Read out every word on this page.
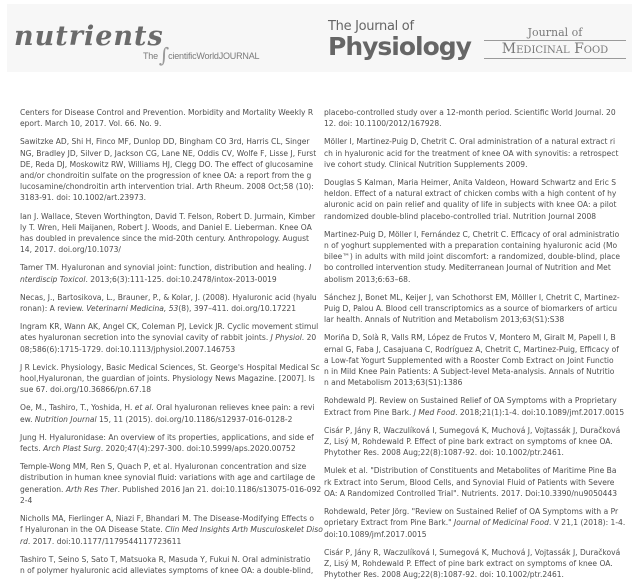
nutrients
The∫cientificWorldJOURNAL
The Journal of
Physiology	Journal of
Medicinal Food
Centers for Disease Control and Prevention. Morbidity and Mortality Weekly R
eport. March 10, 2017. Vol. 66. No. 9.
Sawitzke AD, Shi H, Finco MF, Dunlop DD, Bingham CO 3rd, Harris CL, Singer
NG, Bradley JD, Silver D, Jackson CG, Lane NE, Oddis CV, Wolfe F, Lisse J, Furst
DE, Reda DJ, Moskowitz RW, Williams HJ, Clegg DO. The effect of glucosamine
and/or chondroitin sulfate on the progression of knee OA: a report from the g
lucosamine/chondroitin arth intervention trial. Arth Rheum. 2008 Oct;58 (10):
3183-91. doi: 10.1002/art.23973.
Ian J. Wallace, Steven Worthington, David T. Felson, Robert D. Jurmain, Kimber
ly T. Wren, Heli Maijanen, Robert J. Woods, and Daniel E. Lieberman. Knee OA
has doubled in prevalence since the mid-20th century. Anthropology. August
14, 2017. doi.org/10.1073/
Tamer TM. Hyaluronan and synovial joint: function, distribution and healing. I
nterdiscip Toxicol. 2013;6(3):111-125. doi:10.2478/intox-2013-0019
Necas, J., Bartosikova, L., Brauner, P., & Kolar, J. (2008). Hyaluronic acid (hyalu
ronan): A review. Veterinarni Medicina, 53(8), 397–411. doi.org/10.17221
Ingram KR, Wann AK, Angel CK, Coleman PJ, Levick JR. Cyclic movement stimul
ates hyaluronan secretion into the synovial cavity of rabbit joints. J Physiol. 20
08;586(6):1715-1729. doi:10.1113/jphysiol.2007.146753
J R Levick. Physiology, Basic Medical Sciences, St. George's Hospital Medical Sc
hool,Hyaluronan, the guardian of joints. Physiology News Magazine. [2007]. Is
sue 67. doi.org/10.36866/pn.67.18
Oe, M., Tashiro, T., Yoshida, H. et al. Oral hyaluronan relieves knee pain: a revi
ew. Nutrition Journal 15, 11 (2015). doi.org/10.1186/s12937-016-0128-2
Jung H. Hyaluronidase: An overview of its properties, applications, and side ef
fects. Arch Plast Surg. 2020;47(4):297-300. doi:10.5999/aps.2020.00752
Temple-Wong MM, Ren S, Quach P, et al. Hyaluronan concentration and size
distribution in human knee synovial fluid: variations with age and cartilage de
generation. Arth Res Ther. Published 2016 Jan 21. doi:10.1186/s13075-016-092
2-4
Nicholls MA, Fierlinger A, Niazi F, Bhandari M. The Disease-Modifying Effects o
f Hyaluronan in the OA Disease State. Clin Med Insights Arth Musculoskelet Diso
rd. 2017. doi:10.1177/1179544117723611
Tashiro T, Seino S, Sato T, Matsuoka R, Masuda Y, Fukui N. Oral administratio
n of polymer hyaluronic acid alleviates symptoms of knee OA: a double-blind,
placebo-controlled study over a 12-month period. Scientific World Journal. 20
12. doi: 10.1100/2012/167928.
Möller I, Martinez-Puig D, Chetrit C. Oral administration of a natural extract ri
ch in hyaluronic acid for the treatment of knee OA with synovitis: a retrospect
ive cohort study. Clinical Nutrition Supplements 2009.
Douglas S Kalman, Maria Heimer, Anita Valdeon, Howard Schwartz and Eric S
heldon. Effect of a natural extract of chicken combs with a high content of hy
aluronic acid on pain relief and quality of life in subjects with knee OA: a pilot
randomized double-blind placebo-controlled trial. Nutrition Journal 2008
Martinez-Puig D, Möller I, Fernández C, Chetrit C. Efficacy of oral administratio
n of yoghurt supplemented with a preparation containing hyaluronic acid (Mo
bilee™) in adults with mild joint discomfort: a randomized, double-blind, place
bo controlled intervention study. Mediterranean Journal of Nutrition and Met
abolism 2013;6:63–68.
Sánchez J, Bonet ML, Keijer J, van Schothorst EM, Mölller I, Chetrit C, Martinez-
Puig D, Palou A. Blood cell transcriptomics as a source of biomarkers of articu
lar health. Annals of Nutrition and Metabolism 2013;63(S1):S38
Moriña D, Solà R, Valls RM, López de Frutos V, Montero M, Giralt M, Papell I, B
ernal G, Faba J, Casajuana C, Rodríguez A, Chetrit C, Martinez-Puig, Efficacy of
a Low-fat Yogurt Supplemented with a Rooster Comb Extract on Joint Functio
n in Mild Knee Pain Patients: A Subject-level Meta-analysis. Annals of Nutritio
n and Metabolism 2013;63(S1):1386
Rohdewald PJ. Review on Sustained Relief of OA Symptoms with a Proprietary
Extract from Pine Bark. J Med Food. 2018;21(1):1-4. doi:10.1089/jmf.2017.0015
Cisár P, Jány R, Waczulíková I, Sumegová K, Muchová J, Vojtassák J, Durаčková
Z, Lisý M, Rohdewald P. Effect of pine bark extract on symptoms of knee OA.
Phytother Res. 2008 Aug;22(8):1087-92. doi: 10.1002/ptr.2461.
Mulek et al. "Distribution of Constituents and Metabolites of Maritime Pine Ba
rk Extract into Serum, Blood Cells, and Synovial Fluid of Patients with Severe
OA: A Randomized Controlled Trial". Nutrients. 2017. Doi:10.3390/nu9050443
Rohdewald, Peter Jörg. "Review on Sustained Relief of OA Symptoms with a Pr
oprietary Extract from Pine Bark." Journal of Medicinal Food. V 21,1 (2018): 1-4.
doi:10.1089/jmf.2017.0015
Cisár P, Jány R, Waczulíková I, Sumegová K, Muchová J, Vojtassák J, Durаčková
Z, Lisý M, Rohdewald P. Effect of pine bark extract on symptoms of knee OA.
Phytother Res. 2008 Aug;22(8):1087-92. doi: 10.1002/ptr.2461.
